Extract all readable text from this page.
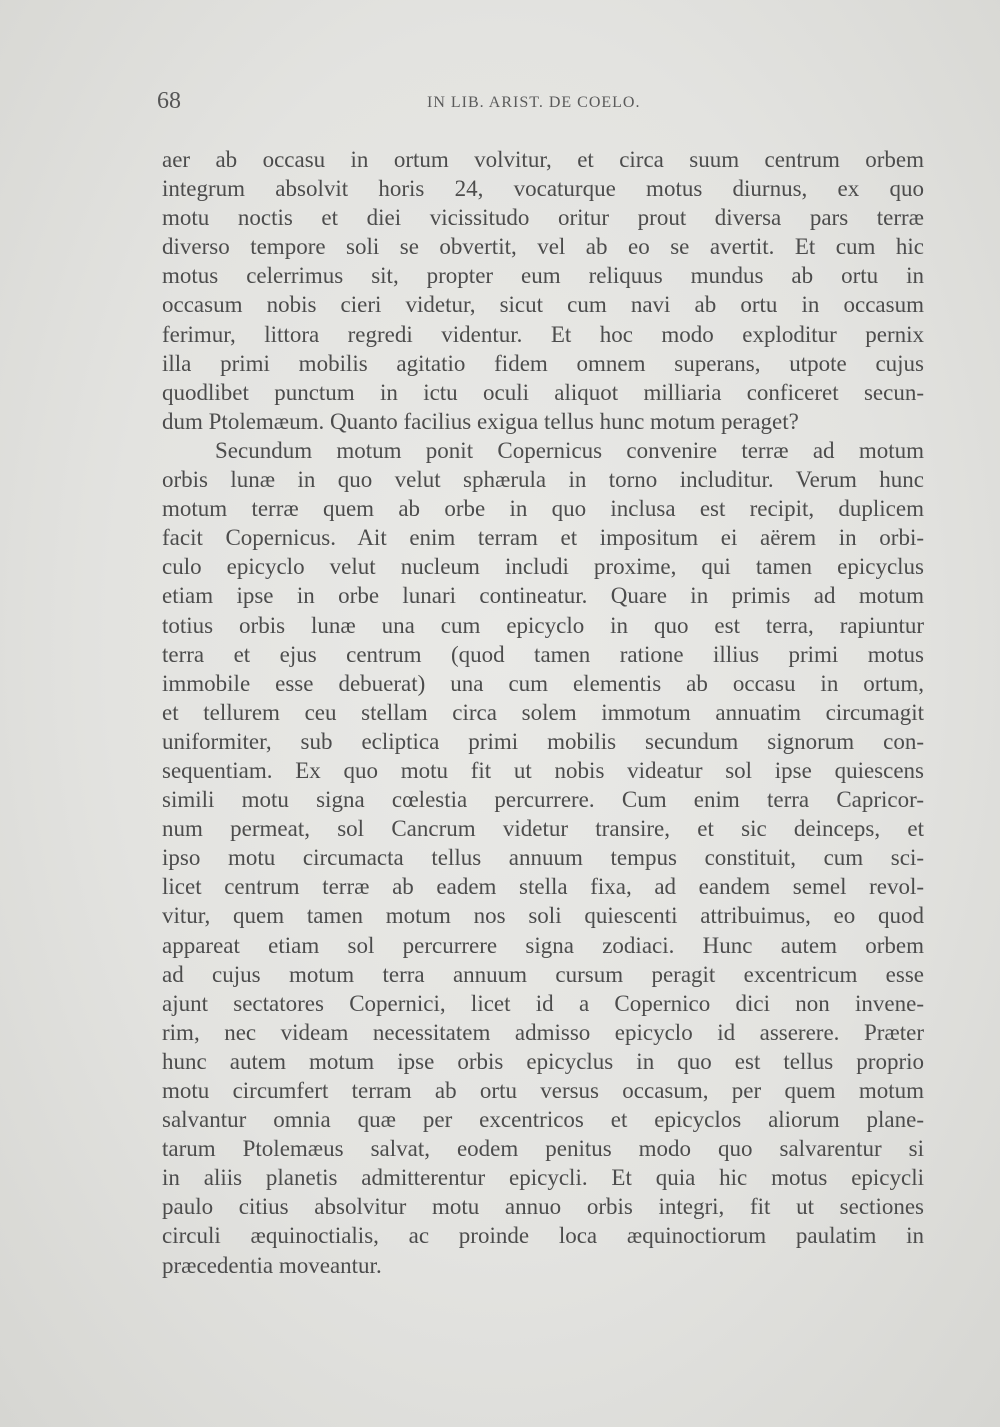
68	IN LIB. ARIST. DE COELO.
aer ab occasu in ortum volvitur, et circa suum centrum orbem
integrum absolvit horis 24, vocaturque motus diurnus, ex quo
motu noctis et diei vicissitudo oritur prout diversa pars terræ
diverso tempore soli se obvertit, vel ab eo se avertit. Et cum hic
motus celerrimus sit, propter eum reliquus mundus ab ortu in
occasum nobis cieri videtur, sicut cum navi ab ortu in occasum
ferimur, littora regredi videntur. Et hoc modo exploditur pernix
illa primi mobilis agitatio fidem omnem superans, utpote cujus
quodlibet punctum in ictu oculi aliquot milliaria conficeret secun-
dum Ptolemæum. Quanto facilius exigua tellus hunc motum peraget?
Secundum motum ponit Copernicus convenire terræ ad motum
orbis lunæ in quo velut sphærula in torno includitur. Verum hunc
motum terræ quem ab orbe in quo inclusa est recipit, duplicem
facit Copernicus. Ait enim terram et impositum ei aërem in orbi-
culo epicyclo velut nucleum includi proxime, qui tamen epicyclus
etiam ipse in orbe lunari contineatur. Quare in primis ad motum
totius orbis lunæ una cum epicyclo in quo est terra, rapiuntur
terra et ejus centrum (quod tamen ratione illius primi motus
immobile esse debuerat) una cum elementis ab occasu in ortum,
et tellurem ceu stellam circa solem immotum annuatim circumagit
uniformiter, sub ecliptica primi mobilis secundum signorum con-
sequentiam. Ex quo motu fit ut nobis videatur sol ipse quiescens
simili motu signa cœlestia percurrere. Cum enim terra Capricor-
num permeat, sol Cancrum videtur transire, et sic deinceps, et
ipso motu circumacta tellus annuum tempus constituit, cum sci-
licet centrum terræ ab eadem stella fixa, ad eandem semel revol-
vitur, quem tamen motum nos soli quiescenti attribuimus, eo quod
appareat etiam sol percurrere signa zodiaci. Hunc autem orbem
ad cujus motum terra annuum cursum peragit excentricum esse
ajunt sectatores Copernici, licet id a Copernico dici non invene-
rim, nec videam necessitatem admisso epicyclo id asserere. Præter
hunc autem motum ipse orbis epicyclus in quo est tellus proprio
motu circumfert terram ab ortu versus occasum, per quem motum
salvantur omnia quæ per excentricos et epicyclos aliorum plane-
tarum Ptolemæus salvat, eodem penitus modo quo salvarentur si
in aliis planetis admitterentur epicycli. Et quia hic motus epicycli
paulo citius absolvitur motu annuo orbis integri, fit ut sectiones
circuli æquinoctialis, ac proinde loca æquinoctiorum paulatim in
præcedentia moveantur.
